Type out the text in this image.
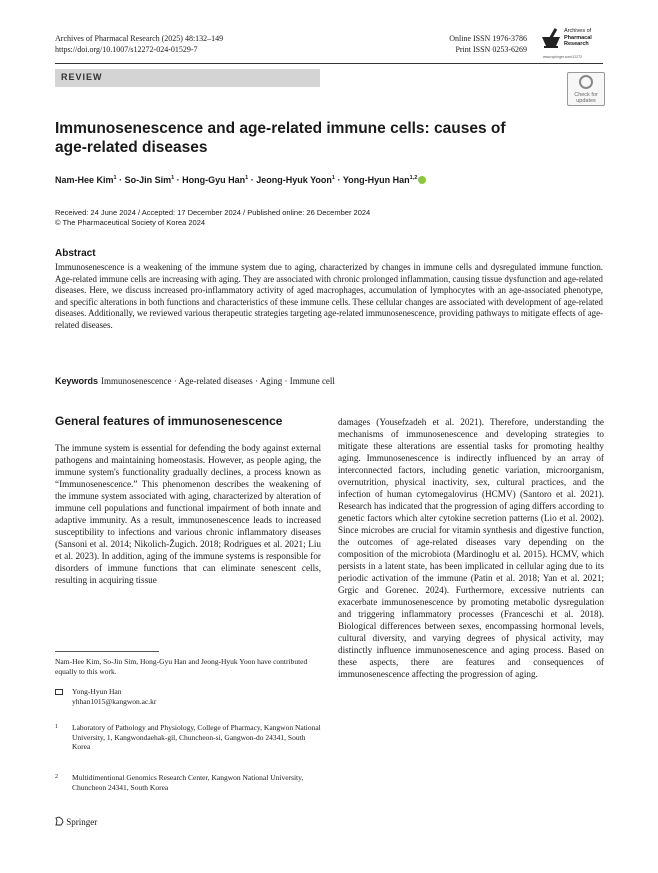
Archives of Pharmacal Research (2025) 48:132–149
https://doi.org/10.1007/s12272-024-01529-7
Online ISSN 1976-3786
Print ISSN 0253-6269
Archives of
Pharmacal
Research
www.springer.com/12272
REVIEW
Check for
updates
Immunosenescence and age-related immune cells: causes of age-related diseases
Nam-Hee Kim$^1$ · So-Jin Sim$^1$ · Hong-Gyu Han$^1$ · Jeong-Hyuk Yoon$^1$ · Yong-Hyun Han$^{1,2}$
Received: 24 June 2024 / Accepted: 17 December 2024 / Published online: 26 December 2024
© The Pharmaceutical Society of Korea 2024
Abstract
Immunosenescence is a weakening of the immune system due to aging, characterized by changes in immune cells and dysregulated immune function. Age-related immune cells are increasing with aging. They are associated with chronic prolonged inflammation, causing tissue dysfunction and age-related diseases. Here, we discuss increased pro-inflammatory activity of aged macrophages, accumulation of lymphocytes with an age-associated phenotype, and specific alterations in both functions and characteristics of these immune cells. These cellular changes are associated with development of age-related diseases. Additionally, we reviewed various therapeutic strategies targeting age-related immunosenescence, providing pathways to mitigate effects of age-related diseases.
Keywords Immunosenescence · Age-related diseases · Aging · Immune cell
General features of immunosenescence
The immune system is essential for defending the body against external pathogens and maintaining homeostasis. However, as people aging, the immune system's functionality gradually declines, a process known as “Immunosenescence.” This phenomenon describes the weakening of the immune system associated with aging, characterized by alteration of immune cell populations and functional impairment of both innate and adaptive immunity. As a result, immunosenescence leads to increased susceptibility to infections and various chronic inflammatory diseases (Sansoni et al. 2014; Nikolich-Žugich. 2018; Rodrigues et al. 2021; Liu et al. 2023). In addition, aging of the immune systems is responsible for disorders of immune functions that can eliminate senescent cells, resulting in acquiring tissue
damages (Yousefzadeh et al. 2021). Therefore, understanding the mechanisms of immunosenescence and developing strategies to mitigate these alterations are essential tasks for promoting healthy aging. Immunosenescence is indirectly influenced by an array of interconnected factors, including genetic variation, microorganism, overnutrition, physical inactivity, sex, cultural practices, and the infection of human cytomegalovirus (HCMV) (Santoro et al. 2021). Research has indicated that the progression of aging differs according to genetic factors which alter cytokine secretion patterns (Lio et al. 2002). Since microbes are crucial for vitamin synthesis and digestive function, the outcomes of age-related diseases vary depending on the composition of the microbiota (Mardinoglu et al. 2015). HCMV, which persists in a latent state, has been implicated in cellular aging due to its periodic activation of the immune (Patin et al. 2018; Yan et al. 2021; Grgic and Gorenec. 2024). Furthermore, excessive nutrients can exacerbate immunosenescence by promoting metabolic dysregulation and triggering inflammatory processes (Franceschi et al. 2018). Biological differences between sexes, encompassing hormonal levels, cultural diversity, and varying degrees of physical activity, may distinctly influence immunosenescence and aging process. Based on these aspects, there are features and consequences of immunosenescence affecting the progression of aging.
Nam-Hee Kim, So-Jin Sim, Hong-Gyu Han and Jeong-Hyuk Yoon have contributed equally to this work.
Yong-Hyun Han
yhhan1015@kangwon.ac.kr
1	Laboratory of Pathology and Physiology, College of Pharmacy, Kangwon National University, 1, Kangwondaehak-gil, Chuncheon-si, Gangwon-do 24341, South Korea
2	Multidimentional Genomics Research Center, Kangwon National University, Chuncheon 24341, South Korea
Springer
